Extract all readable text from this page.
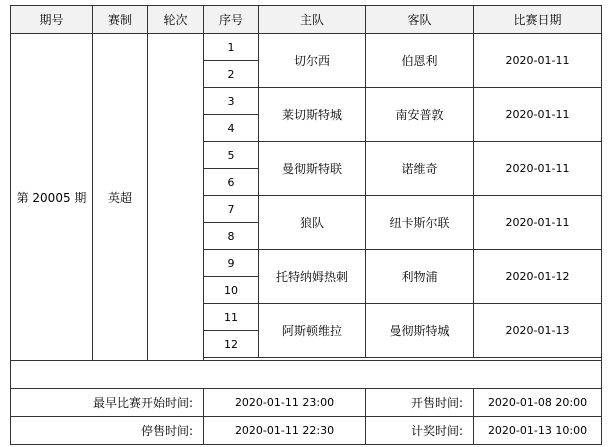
期号	赛制	轮次	序号	主队	客队	比赛日期
第 20005 期	英超		1	切尔西	伯恩利	2020-01-11
			2			
			3	莱切斯特城	南安普敦	2020-01-11
			4			
			5	曼彻斯特联	诺维奇	2020-01-11
			6			
			7	狼队	纽卡斯尔联	2020-01-11
			8			
			9	托特纳姆热刺	利物浦	2020-01-12
			10			
			11	阿斯顿维拉	曼彻斯特城	2020-01-13
			12			

最早比赛开始时间:			2020-01-11 23:00		开售时间:	2020-01-08 20:00
停售时间:			2020-01-11 22:30		计奖时间:	2020-01-13 10:00
